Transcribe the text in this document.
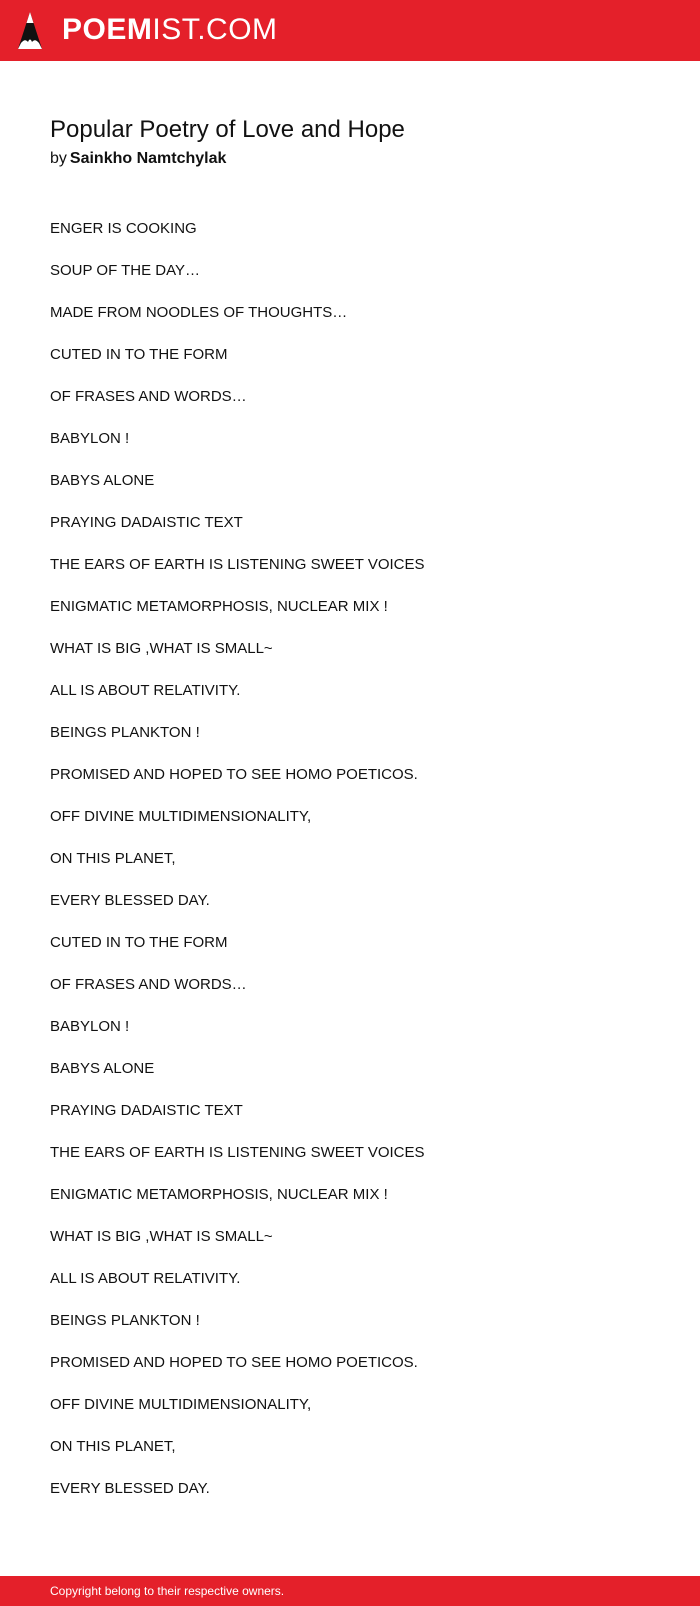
POEMIST.COM
Popular Poetry of Love and Hope
by Sainkho Namtchylak
ENGER IS COOKING
SOUP OF THE DAY…
MADE FROM NOODLES OF THOUGHTS…
CUTED IN TO THE FORM
OF FRASES AND WORDS…
BABYLON !
BABYS ALONE
PRAYING DADAISTIC TEXT
THE EARS OF EARTH IS LISTENING SWEET VOICES
ENIGMATIC METAMORPHOSIS, NUCLEAR MIX !
WHAT IS BIG ,WHAT IS SMALL~
ALL IS ABOUT RELATIVITY.
BEINGS PLANKTON !
PROMISED AND HOPED TO SEE HOMO POETICOS.
OFF DIVINE MULTIDIMENSIONALITY,
ON THIS PLANET,
EVERY BLESSED DAY.
CUTED IN TO THE FORM
OF FRASES AND WORDS…
BABYLON !
BABYS ALONE
PRAYING DADAISTIC TEXT
THE EARS OF EARTH IS LISTENING SWEET VOICES
ENIGMATIC METAMORPHOSIS, NUCLEAR MIX !
WHAT IS BIG ,WHAT IS SMALL~
ALL IS ABOUT RELATIVITY.
BEINGS PLANKTON !
PROMISED AND HOPED TO SEE HOMO POETICOS.
OFF DIVINE MULTIDIMENSIONALITY,
ON THIS PLANET,
EVERY BLESSED DAY.
Copyright belong to their respective owners.
